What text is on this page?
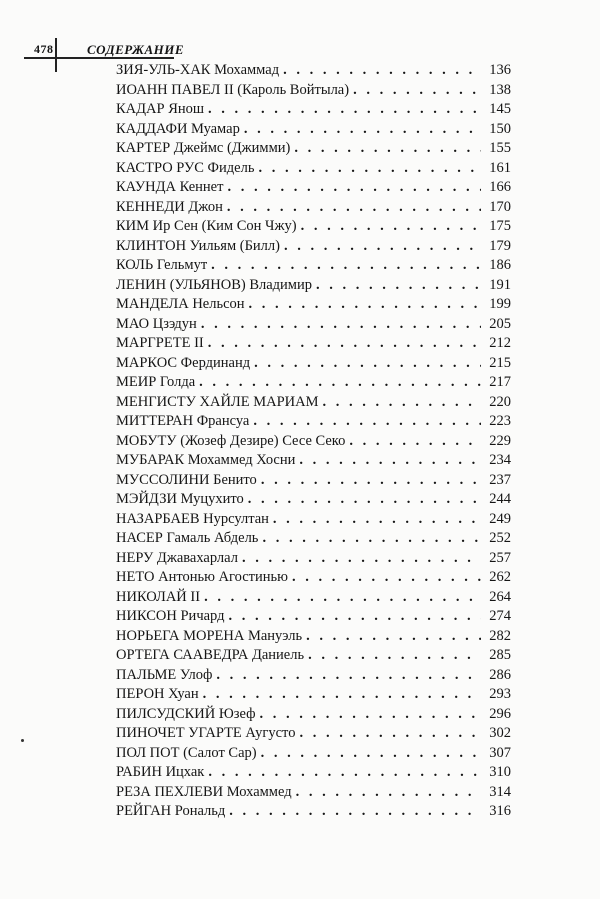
478	СОДЕРЖАНИЕ
ЗИЯ-УЛЬ-ХАК Мохаммад . . .	136
ИОАНН ПАВЕЛ II (Кароль Войтыла) . . .	138
КАДАР Янош . . .	145
КАДДАФИ Муамар . . .	150
КАРТЕР Джеймс (Джимми) . . .	155
КАСТРО РУС Фидель . . .	161
КАУНДА Кеннет . . .	166
КЕННЕДИ Джон . . .	170
КИМ Ир Сен (Ким Сон Чжу) . . .	175
КЛИНТОН Уильям (Билл) . . .	179
КОЛЬ Гельмут . . .	186
ЛЕНИН (УЛЬЯНОВ) Владимир . . .	191
МАНДЕЛА Нельсон . . .	199
МАО Цзэдун . . .	205
МАРГРЕТЕ II . . .	212
МАРКОС Фердинанд . . .	215
МЕИР Голда . . .	217
МЕНГИСТУ ХАЙЛЕ МАРИАМ . . .	220
МИТТЕРАН Франсуа . . .	223
МОБУТУ (Жозеф Дезире) Сесе Секо . . .	229
МУБАРАК Мохаммед Хосни . . .	234
МУССОЛИНИ Бенито . . .	237
МЭЙДЗИ Муцухито . . .	244
НАЗАРБАЕВ Нурсултан . . .	249
НАСЕР Гамаль Абдель . . .	252
НЕРУ Джавахарлал . . .	257
НЕТО Антонью Агостинью . . .	262
НИКОЛАЙ II . . .	264
НИКСОН Ричард . . .	274
НОРЬЕГА МОРЕНА Мануэль . . .	282
ОРТЕГА СААВЕДРА Даниель . . .	285
ПАЛЬМЕ Улоф . . .	286
ПЕРОН Хуан . . .	293
ПИЛСУДСКИЙ Юзеф . . .	296
ПИНОЧЕТ УГАРТЕ Аугусто . . .	302
ПОЛ ПОТ (Салот Сар) . . .	307
РАБИН Ицхак . . .	310
РЕЗА ПЕХЛЕВИ Мохаммед . . .	314
РЕЙГАН Рональд . . .	316
